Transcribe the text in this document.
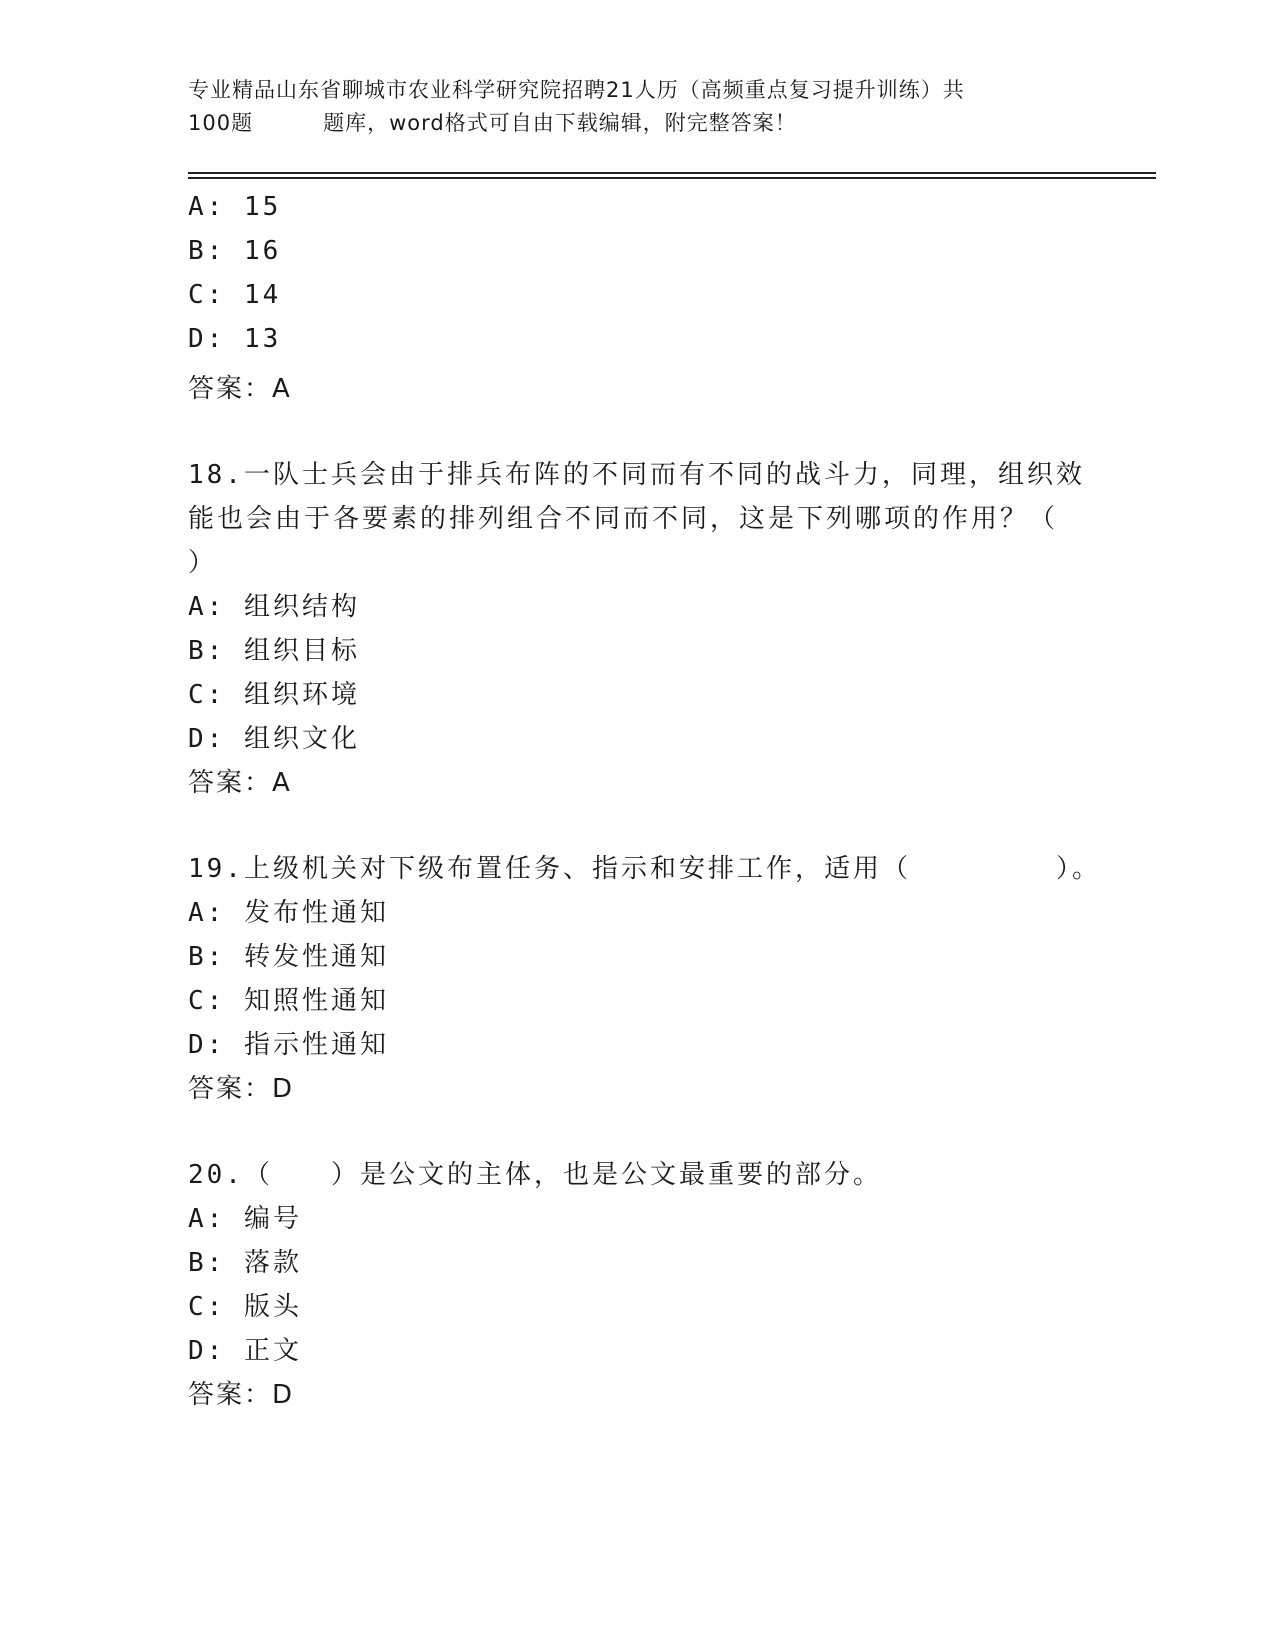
专业精品山东省聊城市农业科学研究院招聘21人历（高频重点复习提升训练）共
100题	题库，word格式可自由下载编辑，附完整答案！
A: 15
B: 16
C: 14
D: 13
答案：A
18.一队士兵会由于排兵布阵的不同而有不同的战斗力，同理，组织效
能也会由于各要素的排列组合不同而不同，这是下列哪项的作用？（
）
A: 组织结构
B: 组织目标
C: 组织环境
D: 组织文化
答案：A
19.上级机关对下级布置任务、指示和安排工作，适用（　　　　　）。
A: 发布性通知
B: 转发性通知
C: 知照性通知
D: 指示性通知
答案：D
20.（　　）是公文的主体，也是公文最重要的部分。
A: 编号
B: 落款
C: 版头
D: 正文
答案：D
